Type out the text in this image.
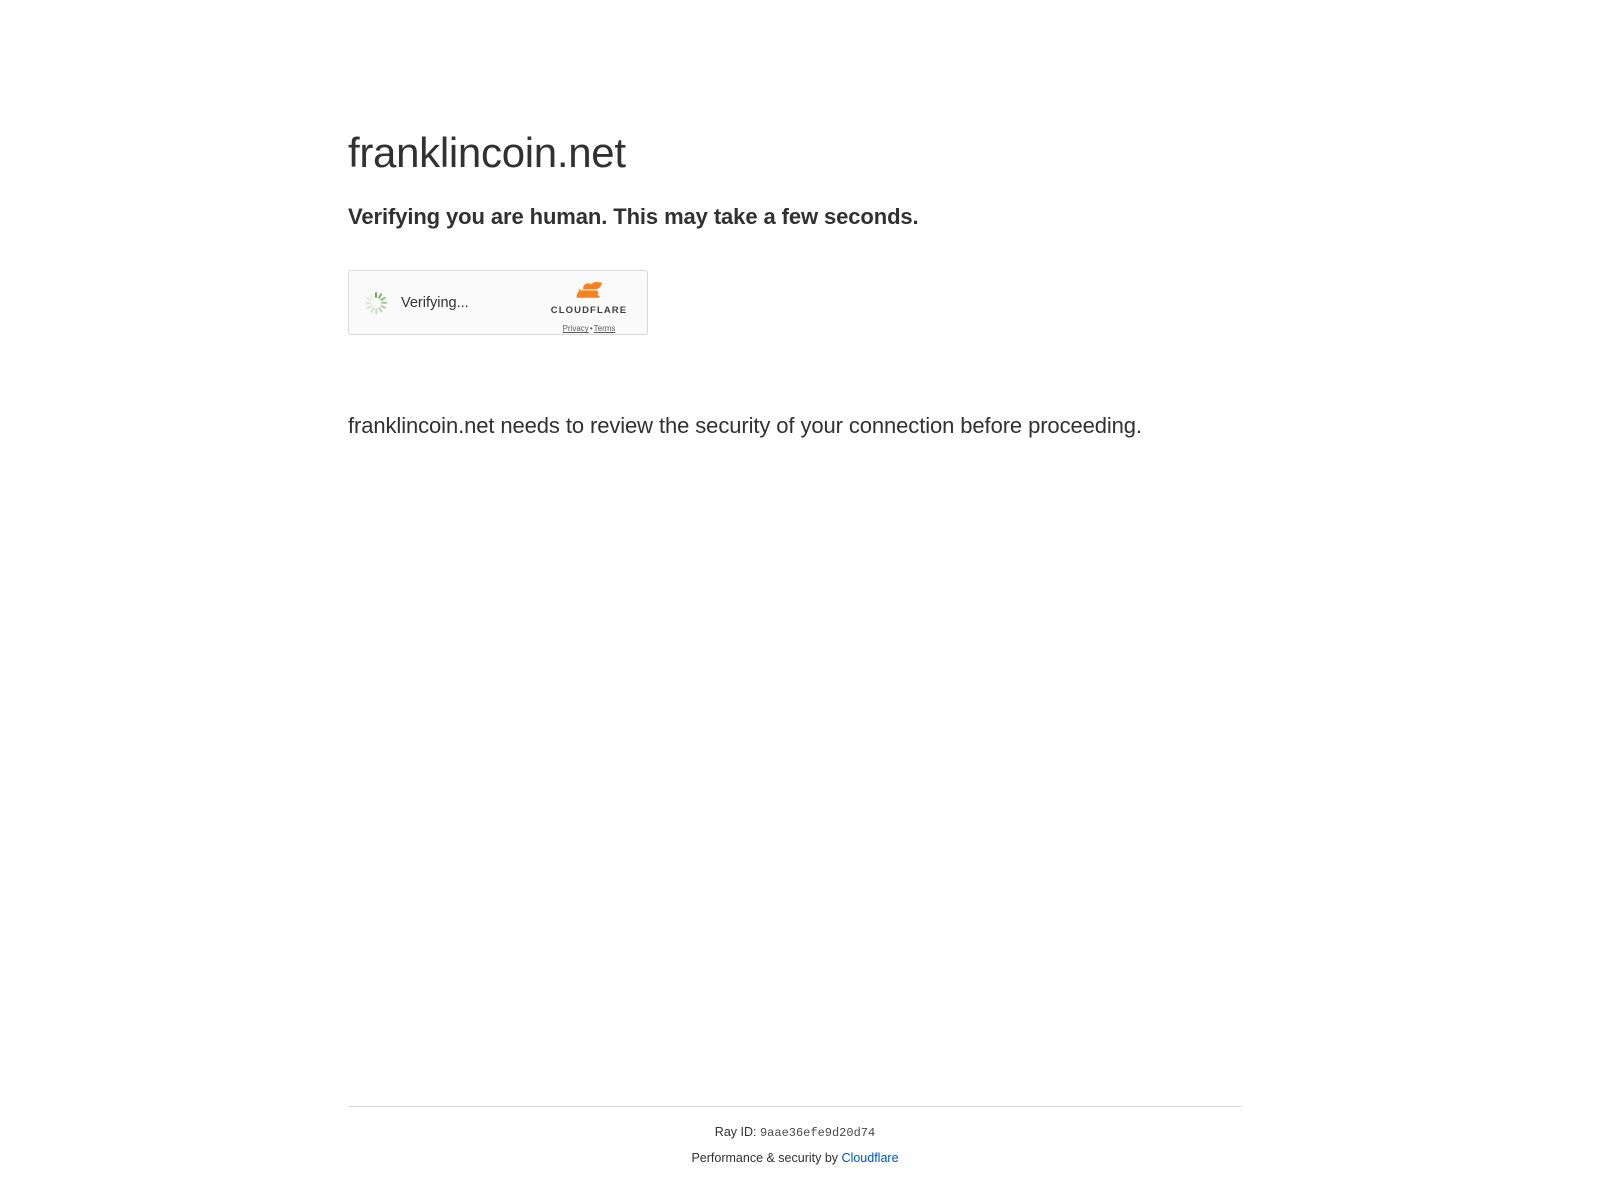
franklincoin.net
Verifying you are human. This may take a few seconds.
Verifying...	CLOUDFLARE Privacy•Terms
franklincoin.net needs to review the security of your connection before proceeding.
Ray ID: 9aae36efe9d20d74
Performance & security by Cloudflare
